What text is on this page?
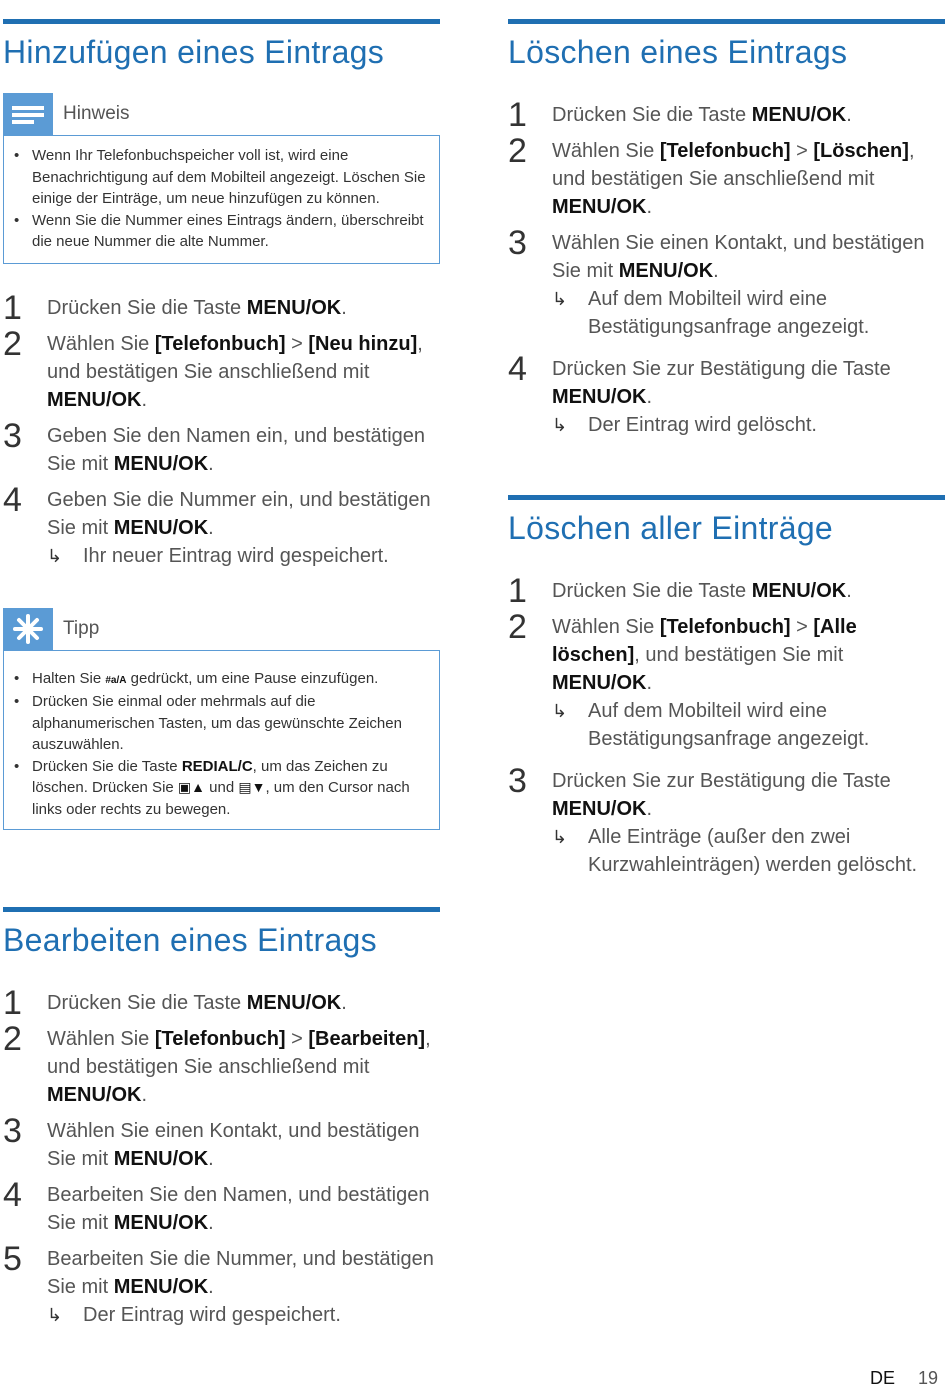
Hinzufügen eines Eintrags
Hinweis
• Wenn Ihr Telefonbuchspeicher voll ist, wird eine Benachrichtigung auf dem Mobilteil angezeigt. Löschen Sie einige der Einträge, um neue hinzufügen zu können.
• Wenn Sie die Nummer eines Eintrags ändern, überschreibt die neue Nummer die alte Nummer.
1 Drücken Sie die Taste MENU/OK.
2 Wählen Sie [Telefonbuch] > [Neu hinzu], und bestätigen Sie anschließend mit MENU/OK.
3 Geben Sie den Namen ein, und bestätigen Sie mit MENU/OK.
4 Geben Sie die Nummer ein, und bestätigen Sie mit MENU/OK.
↳ Ihr neuer Eintrag wird gespeichert.
Tipp
• Halten Sie #a/A gedrückt, um eine Pause einzufügen.
• Drücken Sie einmal oder mehrmals auf die alphanumerischen Tasten, um das gewünschte Zeichen auszuwählen.
• Drücken Sie die Taste REDIAL/C, um das Zeichen zu löschen. Drücken Sie ▣▲ und ▤▼, um den Cursor nach links oder rechts zu bewegen.
Bearbeiten eines Eintrags
1 Drücken Sie die Taste MENU/OK.
2 Wählen Sie [Telefonbuch] > [Bearbeiten], und bestätigen Sie anschließend mit MENU/OK.
3 Wählen Sie einen Kontakt, und bestätigen Sie mit MENU/OK.
4 Bearbeiten Sie den Namen, und bestätigen Sie mit MENU/OK.
5 Bearbeiten Sie die Nummer, und bestätigen Sie mit MENU/OK.
↳ Der Eintrag wird gespeichert.
Löschen eines Eintrags
1 Drücken Sie die Taste MENU/OK.
2 Wählen Sie [Telefonbuch] > [Löschen], und bestätigen Sie anschließend mit MENU/OK.
3 Wählen Sie einen Kontakt, und bestätigen Sie mit MENU/OK.
↳ Auf dem Mobilteil wird eine Bestätigungsanfrage angezeigt.
4 Drücken Sie zur Bestätigung die Taste MENU/OK.
↳ Der Eintrag wird gelöscht.
Löschen aller Einträge
1 Drücken Sie die Taste MENU/OK.
2 Wählen Sie [Telefonbuch] > [Alle löschen], und bestätigen Sie mit MENU/OK.
↳ Auf dem Mobilteil wird eine Bestätigungsanfrage angezeigt.
3 Drücken Sie zur Bestätigung die Taste MENU/OK.
↳ Alle Einträge (außer den zwei Kurzwahleinträgen) werden gelöscht.
DE 19
